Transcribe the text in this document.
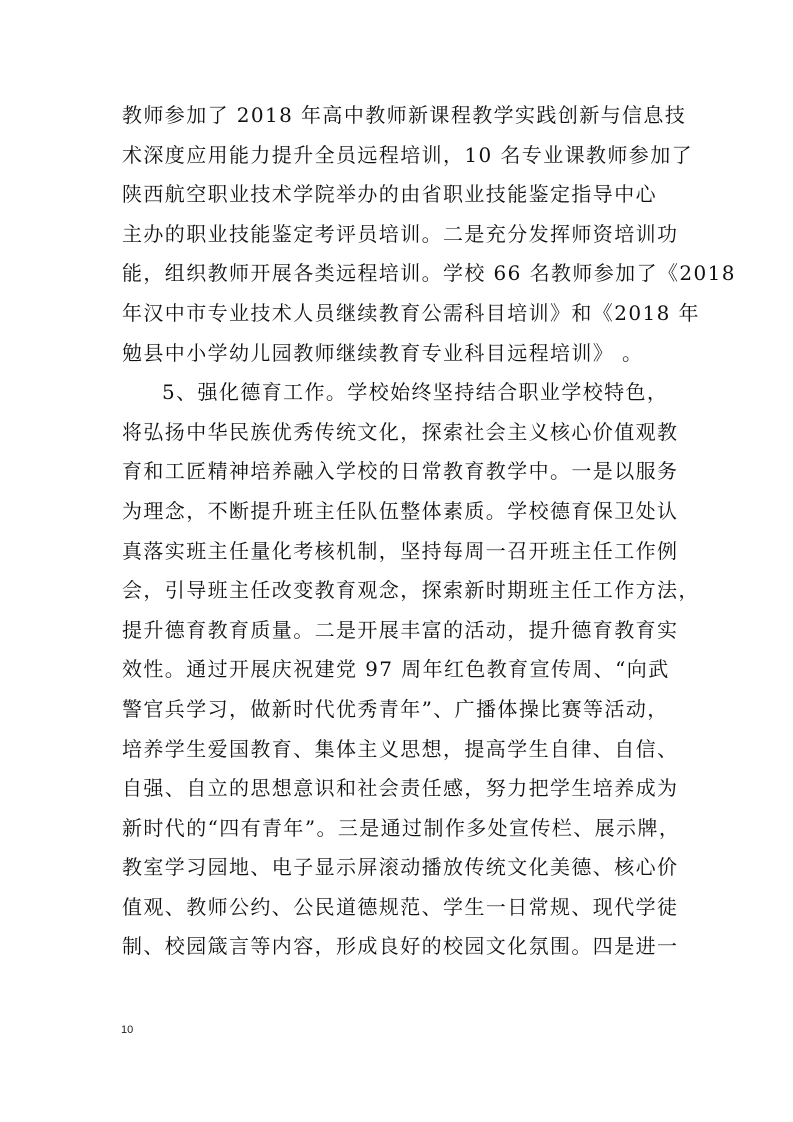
教师参加了 2018 年高中教师新课程教学实践创新与信息技
术深度应用能力提升全员远程培训，10 名专业课教师参加了
陕西航空职业技术学院举办的由省职业技能鉴定指导中心
主办的职业技能鉴定考评员培训。二是充分发挥师资培训功
能，组织教师开展各类远程培训。学校 66 名教师参加了《2018
年汉中市专业技术人员继续教育公需科目培训》和《2018 年
勉县中小学幼儿园教师继续教育专业科目远程培训》 。
5、强化德育工作。学校始终坚持结合职业学校特色，
将弘扬中华民族优秀传统文化，探索社会主义核心价值观教
育和工匠精神培养融入学校的日常教育教学中。一是以服务
为理念，不断提升班主任队伍整体素质。学校德育保卫处认
真落实班主任量化考核机制，坚持每周一召开班主任工作例
会，引导班主任改变教育观念，探索新时期班主任工作方法，
提升德育教育质量。二是开展丰富的活动，提升德育教育实
效性。通过开展庆祝建党 97 周年红色教育宣传周、“向武
警官兵学习，做新时代优秀青年”、广播体操比赛等活动，
培养学生爱国教育、集体主义思想，提高学生自律、自信、
自强、自立的思想意识和社会责任感，努力把学生培养成为
新时代的“四有青年”。三是通过制作多处宣传栏、展示牌，
教室学习园地、电子显示屏滚动播放传统文化美德、核心价
值观、教师公约、公民道德规范、学生一日常规、现代学徒
制、校园箴言等内容，形成良好的校园文化氛围。四是进一
10
